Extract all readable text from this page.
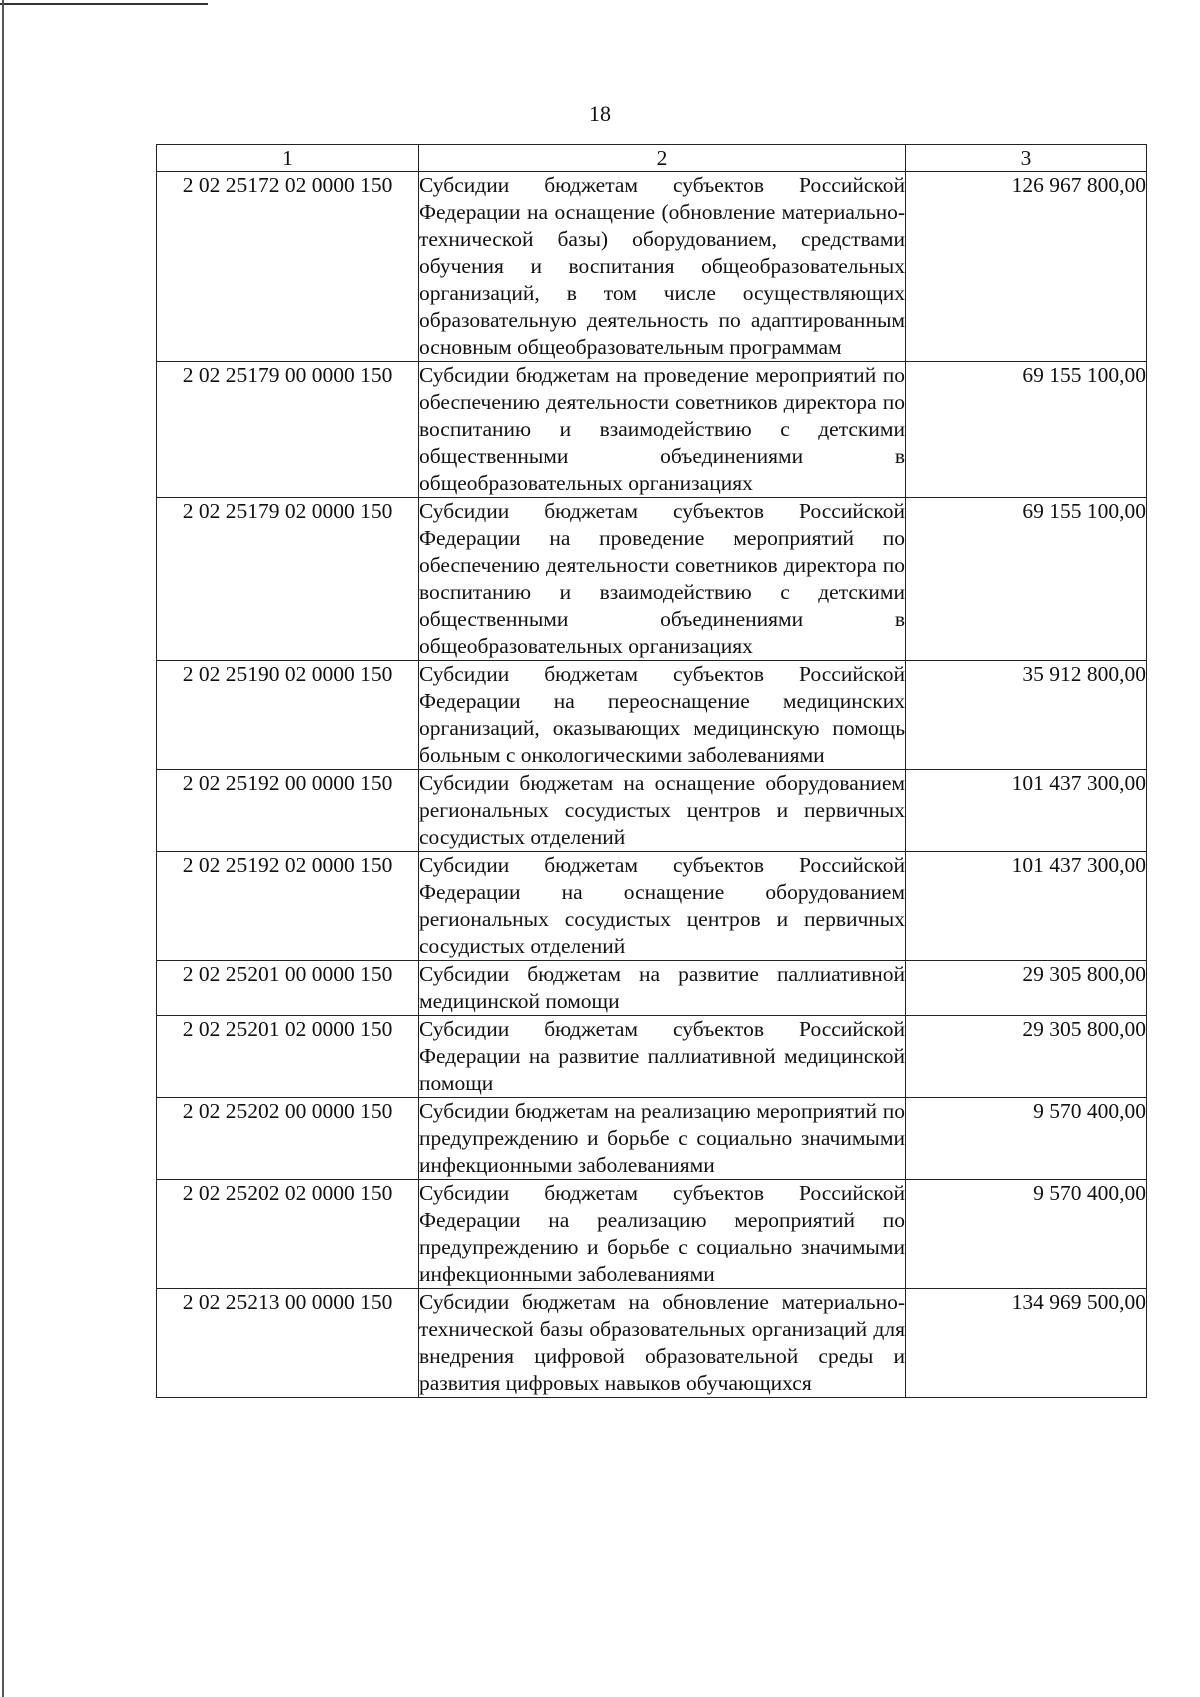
18
1	2	3
2 02 25172 02 0000 150	Субсидии бюджетам субъектов Российской Федерации на оснащение (обновление материально-технической базы) оборудованием, средствами обучения и воспитания общеобразовательных организаций, в том числе осуществляющих образовательную деятельность по адаптированным основным общеобразовательным программам	126 967 800,00
2 02 25179 00 0000 150	Субсидии бюджетам на проведение мероприятий по обеспечению деятельности советников директора по воспитанию и взаимодействию с детскими общественными объединениями в общеобразовательных организациях	69 155 100,00
2 02 25179 02 0000 150	Субсидии бюджетам субъектов Российской Федерации на проведение мероприятий по обеспечению деятельности советников директора по воспитанию и взаимодействию с детскими общественными объединениями в общеобразовательных организациях	69 155 100,00
2 02 25190 02 0000 150	Субсидии бюджетам субъектов Российской Федерации на переоснащение медицинских организаций, оказывающих медицинскую помощь больным с онкологическими заболеваниями	35 912 800,00
2 02 25192 00 0000 150	Субсидии бюджетам на оснащение оборудованием региональных сосудистых центров и первичных сосудистых отделений	101 437 300,00
2 02 25192 02 0000 150	Субсидии бюджетам субъектов Российской Федерации на оснащение оборудованием региональных сосудистых центров и первичных сосудистых отделений	101 437 300,00
2 02 25201 00 0000 150	Субсидии бюджетам на развитие паллиативной медицинской помощи	29 305 800,00
2 02 25201 02 0000 150	Субсидии бюджетам субъектов Российской Федерации на развитие паллиативной медицинской помощи	29 305 800,00
2 02 25202 00 0000 150	Субсидии бюджетам на реализацию мероприятий по предупреждению и борьбе с социально значимыми инфекционными заболеваниями	9 570 400,00
2 02 25202 02 0000 150	Субсидии бюджетам субъектов Российской Федерации на реализацию мероприятий по предупреждению и борьбе с социально значимыми инфекционными заболеваниями	9 570 400,00
2 02 25213 00 0000 150	Субсидии бюджетам на обновление материально-технической базы образовательных организаций для внедрения цифровой образовательной среды и развития цифровых навыков обучающихся	134 969 500,00
